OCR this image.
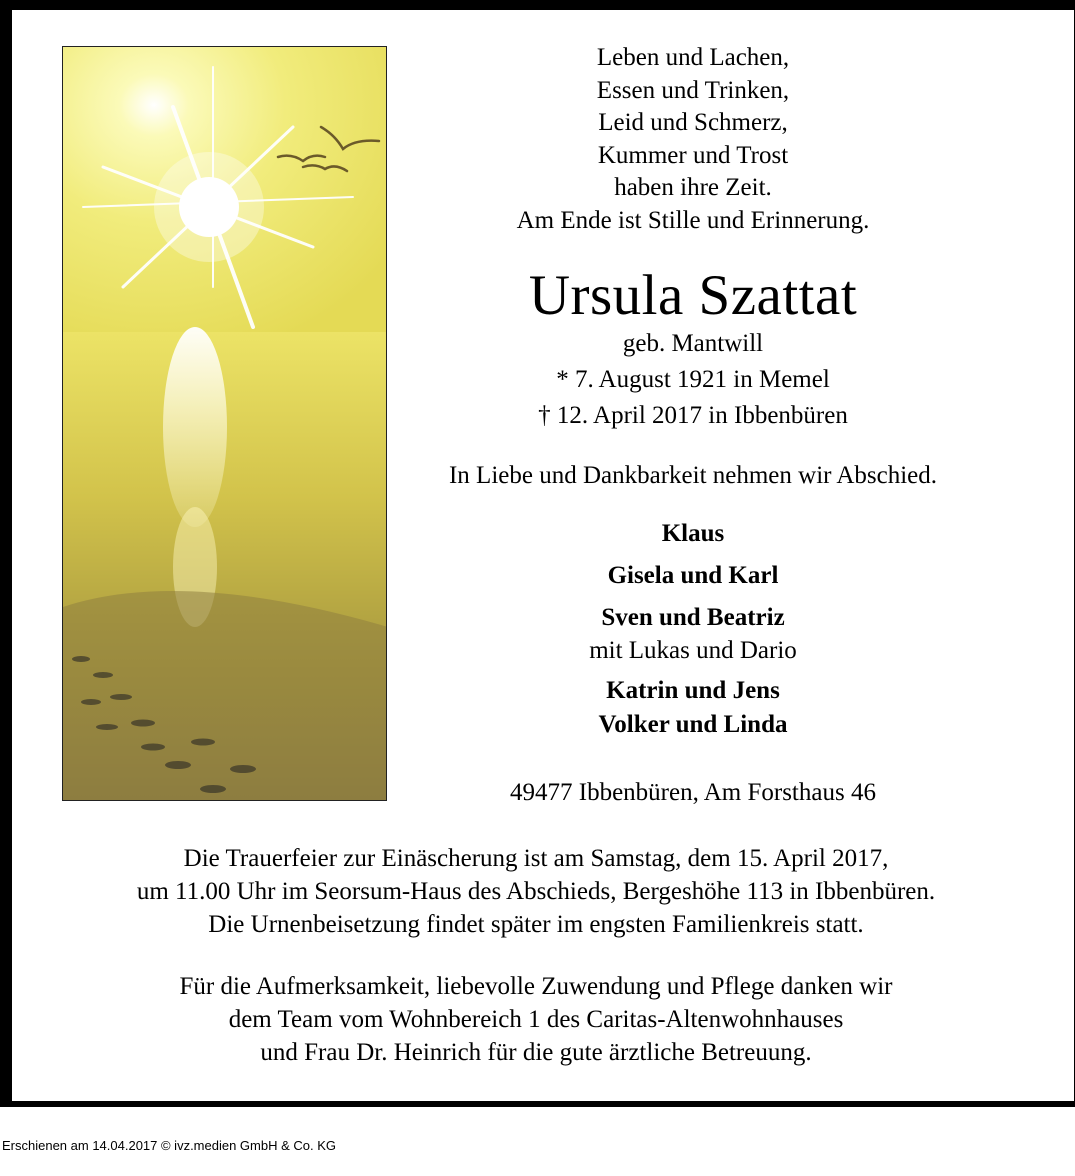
Leben und Lachen,
Essen und Trinken,
Leid und Schmerz,
Kummer und Trost
haben ihre Zeit.
Am Ende ist Stille und Erinnerung.
Ursula Szattat
geb. Mantwill
* 7. August 1921 in Memel
† 12. April 2017 in Ibbenbüren
In Liebe und Dankbarkeit nehmen wir Abschied.
Klaus
Gisela und Karl
Sven und Beatriz
mit Lukas und Dario
Katrin und Jens
Volker und Linda
49477 Ibbenbüren, Am Forsthaus 46
Die Trauerfeier zur Einäscherung ist am Samstag, dem 15. April 2017,
um 11.00 Uhr im Seorsum-Haus des Abschieds, Bergeshöhe 113 in Ibbenbüren.
Die Urnenbeisetzung findet später im engsten Familienkreis statt.
Für die Aufmerksamkeit, liebevolle Zuwendung und Pflege danken wir
dem Team vom Wohnbereich 1 des Caritas-Altenwohnhauses
und Frau Dr. Heinrich für die gute ärztliche Betreuung.
Erschienen am 14.04.2017 © ivz.medien GmbH & Co. KG
